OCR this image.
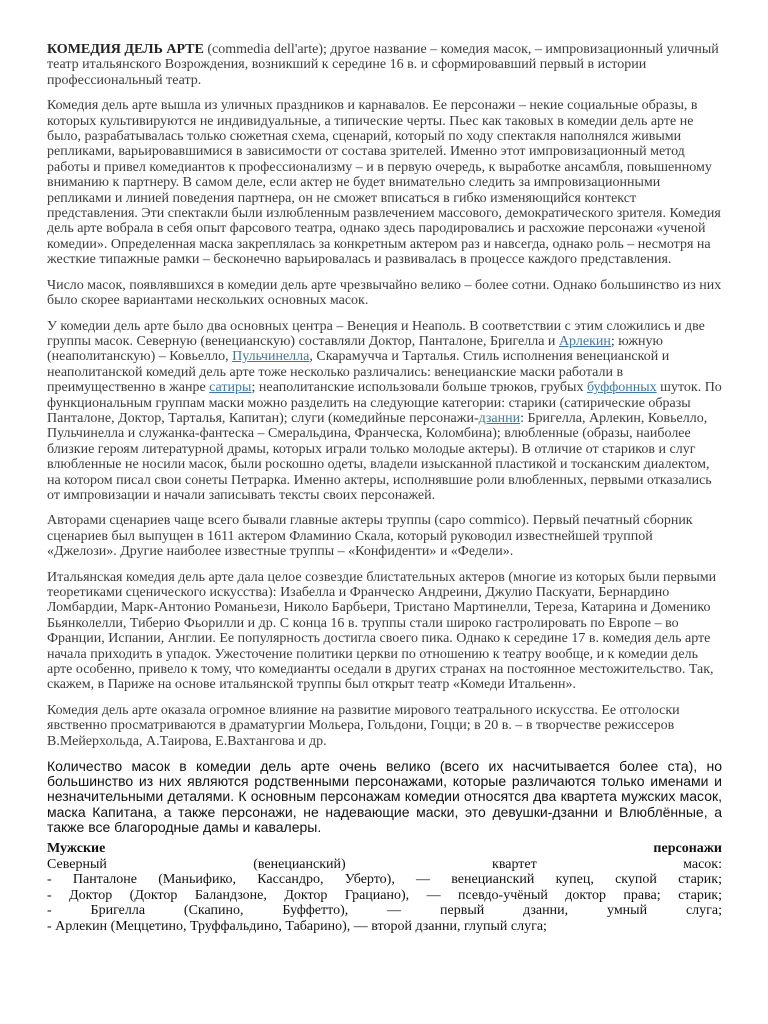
КОМЕДИЯ ДЕЛЬ АРТЕ (commedia dell'arte); другое название – комедия масок, – импровизационный уличный театр итальянского Возрождения, возникший к середине 16 в. и сформировавший первый в истории профессиональный театр.

Комедия дель арте вышла из уличных праздников и карнавалов. Ее персонажи – некие социальные образы, в которых культивируются не индивидуальные, а типические черты. Пьес как таковых в комедии дель арте не было, разрабатывалась только сюжетная схема, сценарий, который по ходу спектакля наполнялся живыми репликами, варьировавшимися в зависимости от состава зрителей. Именно этот импровизационный метод работы и привел комедиантов к профессионализму – и в первую очередь, к выработке ансамбля, повышенному вниманию к партнеру. В самом деле, если актер не будет внимательно следить за импровизационными репликами и линией поведения партнера, он не сможет вписаться в гибко изменяющийся контекст представления. Эти спектакли были излюбленным развлечением массового, демократического зрителя. Комедия дель арте вобрала в себя опыт фарсового театра, однако здесь пародировались и расхожие персонажи «ученой комедии». Определенная маска закреплялась за конкретным актером раз и навсегда, однако роль – несмотря на жесткие типажные рамки – бесконечно варьировалась и развивалась в процессе каждого представления.

Число масок, появлявшихся в комедии дель арте чрезвычайно велико – более сотни. Однако большинство из них было скорее вариантами нескольких основных масок.

У комедии дель арте было два основных центра – Венеция и Неаполь. В соответствии с этим сложились и две группы масок. Северную (венецианскую) составляли Доктор, Панталоне, Бригелла и Арлекин; южную (неаполитанскую) – Ковьелло, Пульчинелла, Скарамучча и Тарталья. Стиль исполнения венецианской и неаполитанской комедий дель арте тоже несколько различались: венецианские маски работали в преимущественно в жанре сатиры; неаполитанские использовали больше трюков, грубых буффонных шуток. По функциональным группам маски можно разделить на следующие категории: старики (сатирические образы Панталоне, Доктор, Тарталья, Капитан); слуги (комедийные персонажи-дзанни: Бригелла, Арлекин, Ковьелло, Пульчинелла и служанка-фантеска – Смеральдина, Франческа, Коломбина); влюбленные (образы, наиболее близкие героям литературной драмы, которых играли только молодые актеры). В отличие от стариков и слуг влюбленные не носили масок, были роскошно одеты, владели изысканной пластикой и тосканским диалектом, на котором писал свои сонеты Петрарка. Именно актеры, исполнявшие роли влюбленных, первыми отказались от импровизации и начали записывать тексты своих персонажей.

Авторами сценариев чаще всего бывали главные актеры труппы (capo commico). Первый печатный сборник сценариев был выпущен в 1611 актером Фламинио Скала, который руководил известнейшей труппой «Джелози». Другие наиболее известные труппы – «Конфиденти» и «Федели».

Итальянская комедия дель арте дала целое созвездие блистательных актеров (многие из которых были первыми теоретиками сценического искусства): Изабелла и Франческо Андреини, Джулио Паскуати, Бернардино Ломбардии, Марк-Антонио Романьези, Николо Барбьери, Тристано Мартинелли, Тереза, Катарина и Доменико Бьянколелли, Тиберио Фьорилли и др. С конца 16 в. труппы стали широко гастролировать по Европе – во Франции, Испании, Англии. Ее популярность достигла своего пика. Однако к середине 17 в. комедия дель арте начала приходить в упадок. Ужесточение политики церкви по отношению к театру вообще, и к комедии дель арте особенно, привело к тому, что комедианты оседали в других странах на постоянное местожительство. Так, скажем, в Париже на основе итальянской труппы был открыт театр «Комеди Итальенн».

Комедия дель арте оказала огромное влияние на развитие мирового театрального искусства. Ее отголоски явственно просматриваются в драматургии Мольера, Гольдони, Гоцци; в 20 в. – в творчестве режиссеров В.Мейерхольда, А.Таирова, Е.Вахтангова и др.

Количество масок в комедии дель арте очень велико (всего их насчитывается более ста), но большинство из них являются родственными персонажами, которые различаются только именами и незначительными деталями. К основным персонажам комедии относятся два квартета мужских масок, маска Капитана, а также персонажи, не надевающие маски, это девушки-дзанни и Влюблённые, а также все благородные дамы и кавалеры.

Мужские	персонажи
Северный (венецианский) квартет масок:
- Панталоне (Маньифико, Кассандро, Уберто), — венецианский купец, скупой старик;
- Доктор (Доктор Баландзоне, Доктор Грациано), — псевдо-учёный доктор права; старик;
- Бригелла (Скапино, Буффетто), — первый дзанни, умный слуга;
- Арлекин (Меццетино, Труффальдино, Табарино), — второй дзанни, глупый слуга;
